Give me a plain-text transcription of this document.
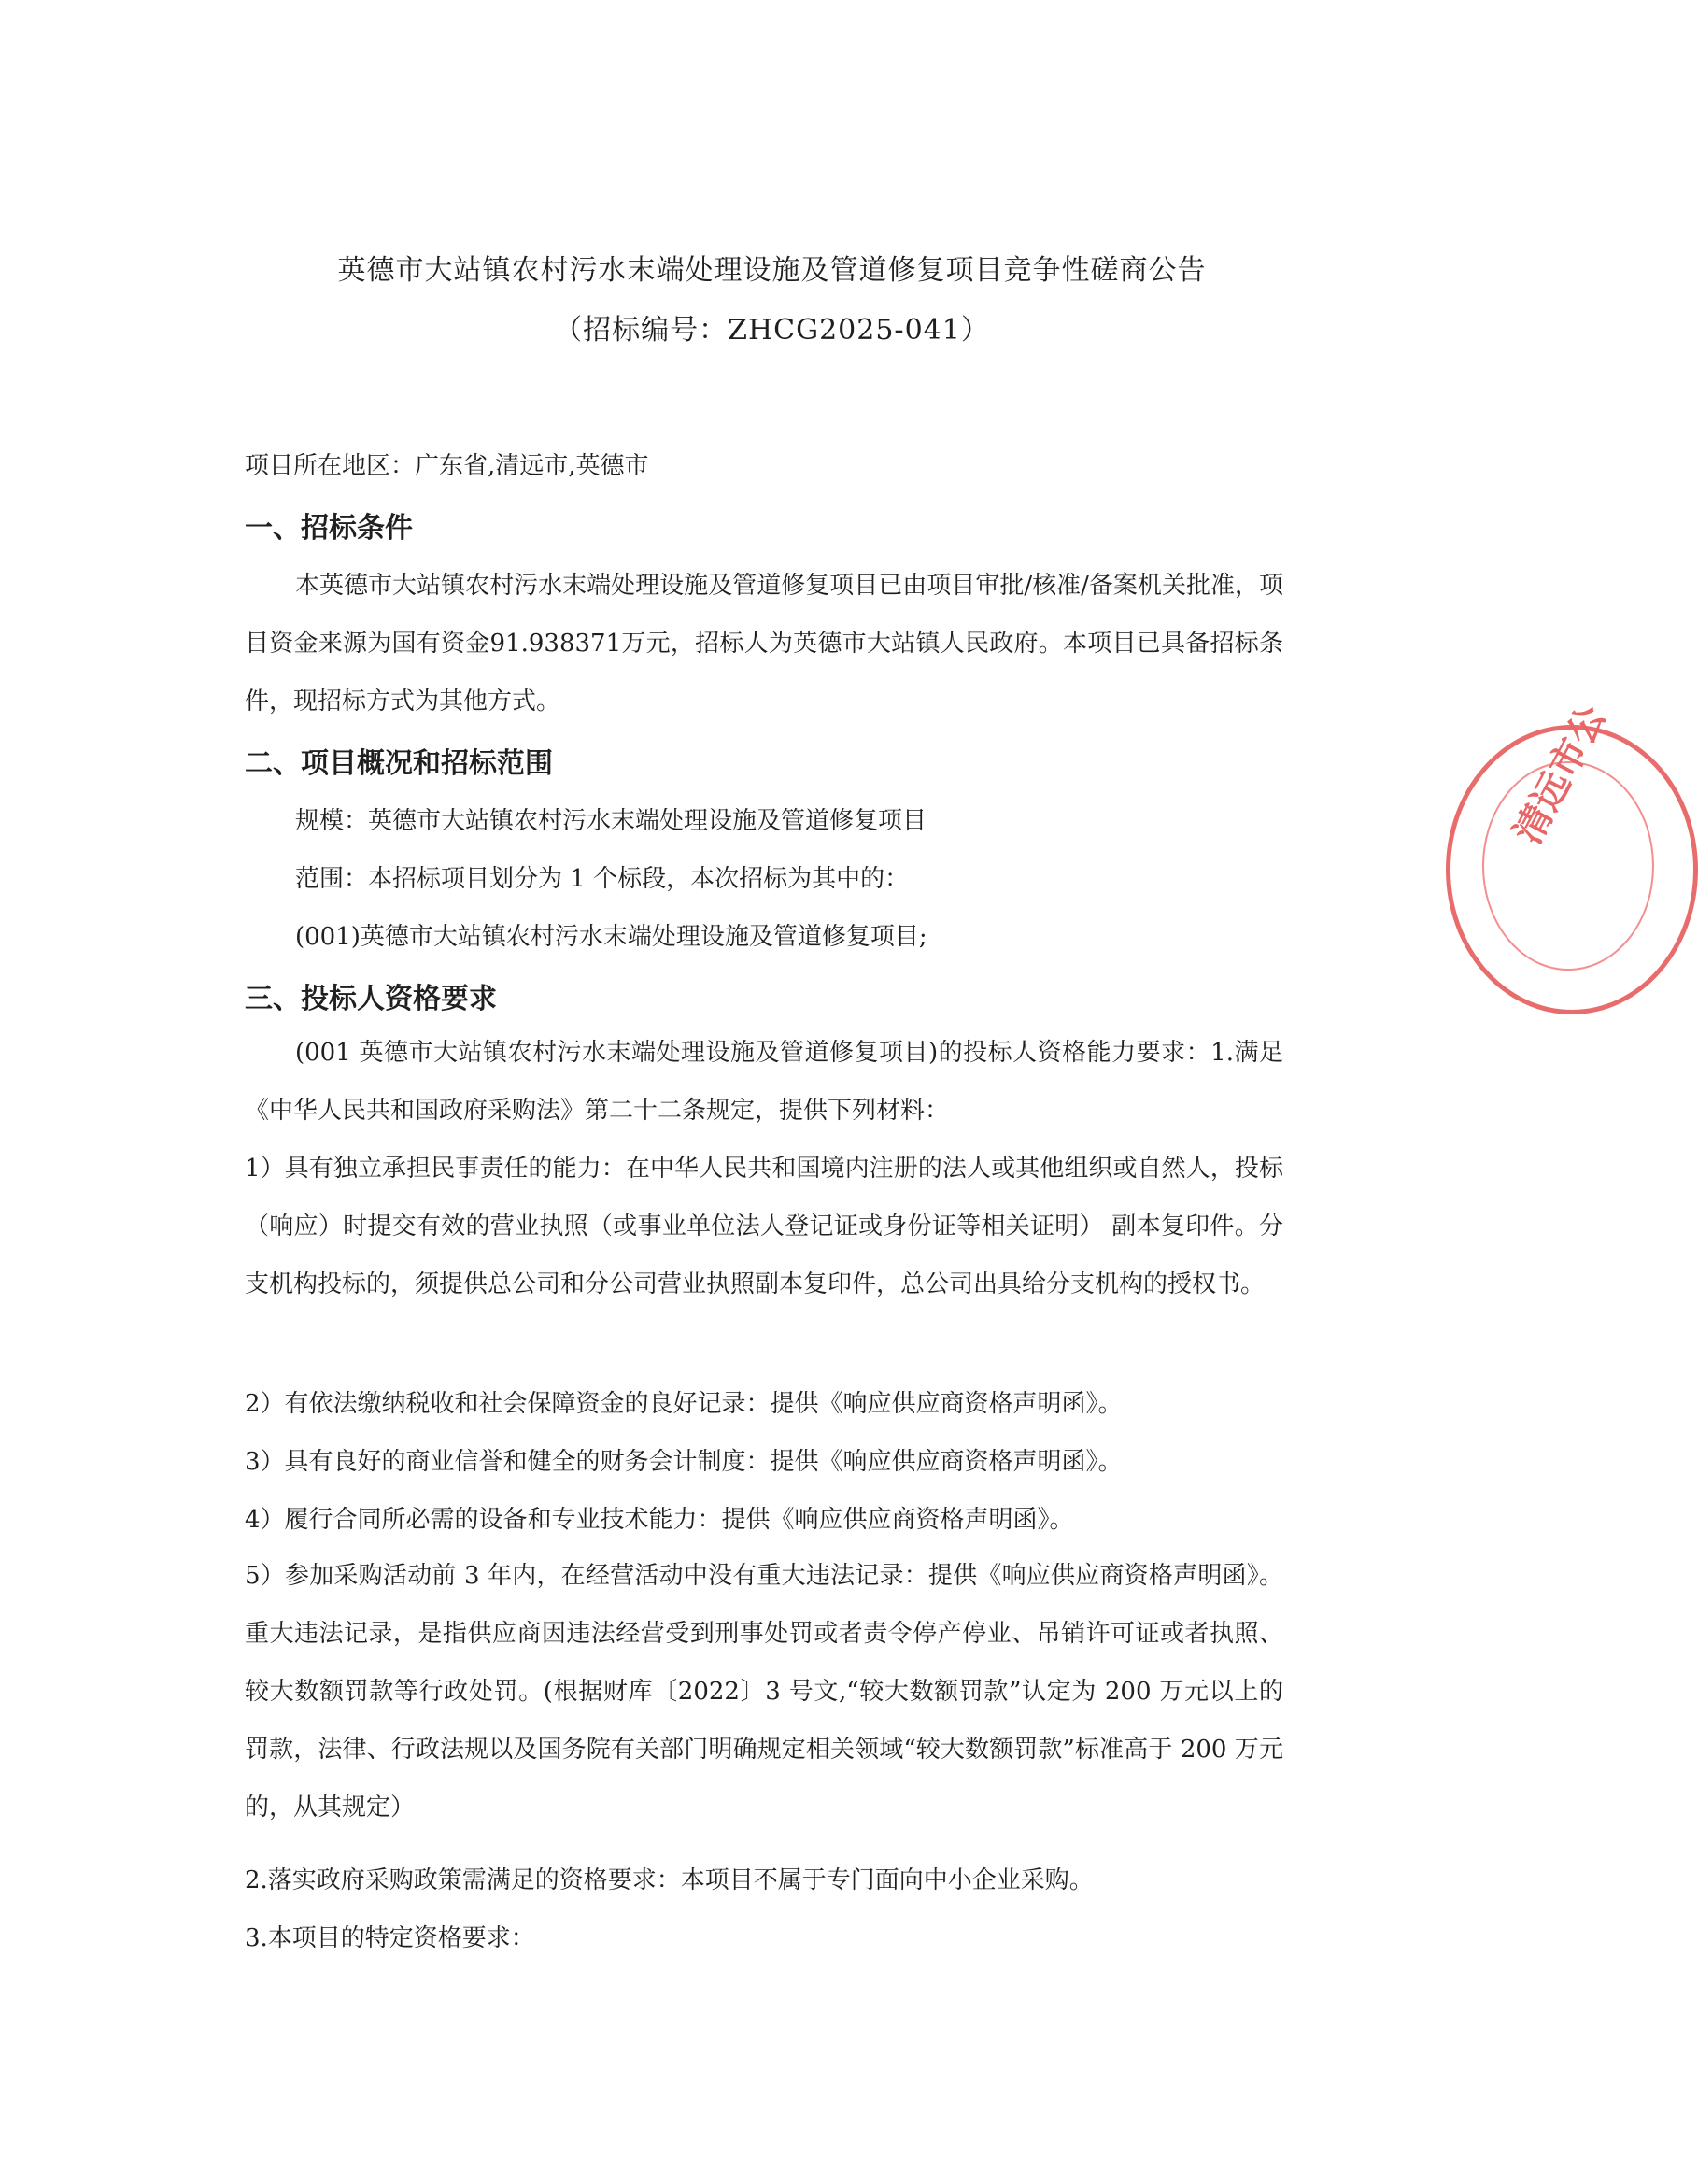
英德市大站镇农村污水末端处理设施及管道修复项目竞争性磋商公告
（招标编号：ZHCG2025-041）
项目所在地区：广东省,清远市,英德市
一、招标条件
本英德市大站镇农村污水末端处理设施及管道修复项目已由项目审批/核准/备案机关批准，项目资金来源为国有资金91.938371万元，招标人为英德市大站镇人民政府。本项目已具备招标条件，现招标方式为其他方式。
二、项目概况和招标范围
规模：英德市大站镇农村污水末端处理设施及管道修复项目
范围：本招标项目划分为 1 个标段，本次招标为其中的：
(001)英德市大站镇农村污水末端处理设施及管道修复项目;
三、投标人资格要求
(001 英德市大站镇农村污水末端处理设施及管道修复项目)的投标人资格能力要求：1.满足《中华人民共和国政府采购法》第二十二条规定，提供下列材料：
1）具有独立承担民事责任的能力：在中华人民共和国境内注册的法人或其他组织或自然人，投标（响应）时提交有效的营业执照（或事业单位法人登记证或身份证等相关证明） 副本复印件。分支机构投标的，须提供总公司和分公司营业执照副本复印件，总公司出具给分支机构的授权书。
2）有依法缴纳税收和社会保障资金的良好记录：提供《响应供应商资格声明函》。
3）具有良好的商业信誉和健全的财务会计制度：提供《响应供应商资格声明函》。
4）履行合同所必需的设备和专业技术能力：提供《响应供应商资格声明函》。
5）参加采购活动前 3 年内，在经营活动中没有重大违法记录：提供《响应供应商资格声明函》。 重大违法记录，是指供应商因违法经营受到刑事处罚或者责令停产停业、吊销许可证或者执照、较大数额罚款等行政处罚。(根据财库〔2022〕3 号文,“较大数额罚款”认定为 200 万元以上的罚款，法律、行政法规以及国务院有关部门明确规定相关领域“较大数额罚款”标准高于 200 万元的，从其规定）
2.落实政府采购政策需满足的资格要求：本项目不属于专门面向中小企业采购。
3.本项目的特定资格要求：
清远市公
